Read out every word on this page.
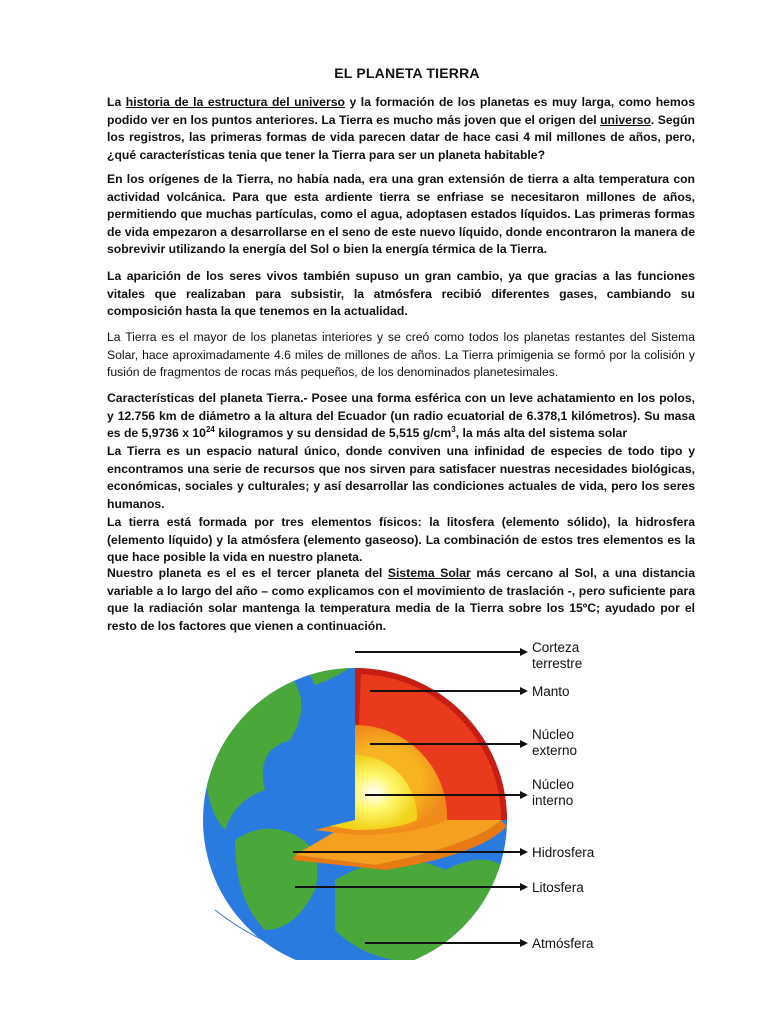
EL PLANETA TIERRA
La historia de la estructura del universo y la formación de los planetas es muy larga, como hemos podido ver en los puntos anteriores. La Tierra es mucho más joven que el origen del universo. Según los registros, las primeras formas de vida parecen datar de hace casi 4 mil millones de años, pero, ¿qué características tenia que tener la Tierra para ser un planeta habitable?
En los orígenes de la Tierra, no había nada, era una gran extensión de tierra a alta temperatura con actividad volcánica. Para que esta ardiente tierra se enfriase se necesitaron millones de años, permitiendo que muchas partículas, como el agua, adoptasen estados líquidos. Las primeras formas de vida empezaron a desarrollarse en el seno de este nuevo líquido, donde encontraron la manera de sobrevivir utilizando la energía del Sol o bien la energía térmica de la Tierra.
La aparición de los seres vivos también supuso un gran cambio, ya que gracias a las funciones vitales que realizaban para subsistir, la atmósfera recibió diferentes gases, cambiando su composición hasta la que tenemos en la actualidad.
La Tierra es el mayor de los planetas interiores y se creó como todos los planetas restantes del Sistema Solar, hace aproximadamente 4.6 miles de millones de años. La Tierra primigenia se formó por la colisión y fusión de fragmentos de rocas más pequeños, de los denominados planetesimales.
Características del planeta Tierra.- Posee una forma esférica con un leve achatamiento en los polos, y 12.756 km de diámetro a la altura del Ecuador (un radio ecuatorial de 6.378,1 kilómetros). Su masa es de 5,9736 x $10^{24}$ kilogramos y su densidad de 5,515 $g/cm^3$, la más alta del sistema solar
La Tierra es un espacio natural único, donde conviven una infinidad de especies de todo tipo y encontramos una serie de recursos que nos sirven para satisfacer nuestras necesidades biológicas, económicas, sociales y culturales; y así desarrollar las condiciones actuales de vida, pero los seres humanos.
La tierra está formada por tres elementos físicos: la litosfera (elemento sólido), la hidrosfera (elemento líquido) y la atmósfera (elemento gaseoso). La combinación de estos tres elementos es la que hace posible la vida en nuestro planeta.
Nuestro planeta es el es el tercer planeta del Sistema Solar más cercano al Sol, a una distancia variable a lo largo del año – como explicamos con el movimiento de traslación -, pero suficiente para que la radiación solar mantenga la temperatura media de la Tierra sobre los 15ºC; ayudado por el resto de los factores que vienen a continuación.
Corteza
terrestre
Manto
Núcleo
externo
Núcleo
interno
Hidrosfera
Litosfera
Atmósfera
